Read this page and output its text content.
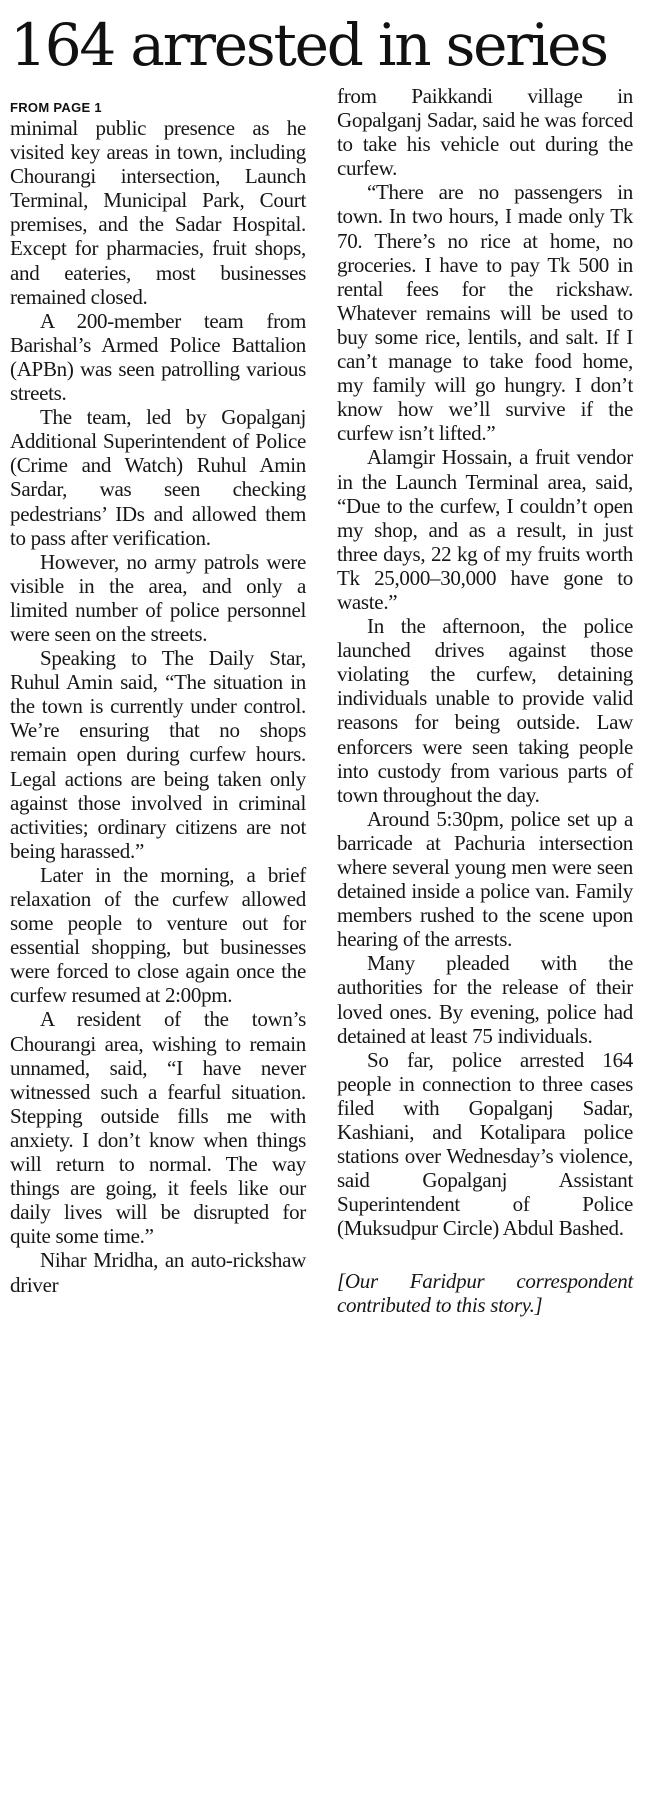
164 arrested in series
FROM PAGE 1

minimal public presence as he visited key areas in town, including Chourangi intersection, Launch Terminal, Municipal Park, Court premises, and the Sadar Hospital. Except for pharmacies, fruit shops, and eateries, most businesses remained closed.

A 200-member team from Barishal’s Armed Police Battalion (APBn) was seen patrolling various streets.

The team, led by Gopalganj Additional Superintendent of Police (Crime and Watch) Ruhul Amin Sardar, was seen checking pedestrians’ IDs and allowed them to pass after verification.

However, no army patrols were visible in the area, and only a limited number of police personnel were seen on the streets.

Speaking to The Daily Star, Ruhul Amin said, “The situation in the town is currently under control. We’re ensuring that no shops remain open during curfew hours. Legal actions are being taken only against those involved in criminal activities; ordinary citizens are not being harassed.”

Later in the morning, a brief relaxation of the curfew allowed some people to venture out for essential shopping, but businesses were forced to close again once the curfew resumed at 2:00pm.

A resident of the town’s Chourangi area, wishing to remain unnamed, said, “I have never witnessed such a fearful situation. Stepping outside fills me with anxiety. I don’t know when things will return to normal. The way things are going, it feels like our daily lives will be disrupted for quite some time.”

Nihar Mridha, an auto-rickshaw driver

from Paikkandi village in Gopalganj Sadar, said he was forced to take his vehicle out during the curfew.

“There are no passengers in town. In two hours, I made only Tk 70. There’s no rice at home, no groceries. I have to pay Tk 500 in rental fees for the rickshaw. Whatever remains will be used to buy some rice, lentils, and salt. If I can’t manage to take food home, my family will go hungry. I don’t know how we’ll survive if the curfew isn’t lifted.”

Alamgir Hossain, a fruit vendor in the Launch Terminal area, said, “Due to the curfew, I couldn’t open my shop, and as a result, in just three days, 22 kg of my fruits worth Tk 25,000–30,000 have gone to waste.”

In the afternoon, the police launched drives against those violating the curfew, detaining individuals unable to provide valid reasons for being outside. Law enforcers were seen taking people into custody from various parts of town throughout the day.

Around 5:30pm, police set up a barricade at Pachuria intersection where several young men were seen detained inside a police van. Family members rushed to the scene upon hearing of the arrests.

Many pleaded with the authorities for the release of their loved ones. By evening, police had detained at least 75 individuals.

So far, police arrested 164 people in connection to three cases filed with Gopalganj Sadar, Kashiani, and Kotalipara police stations over Wednesday’s violence, said Gopalganj Assistant Superintendent of Police (Muksudpur Circle) Abdul Bashed.

[Our Faridpur correspondent contributed to this story.]
